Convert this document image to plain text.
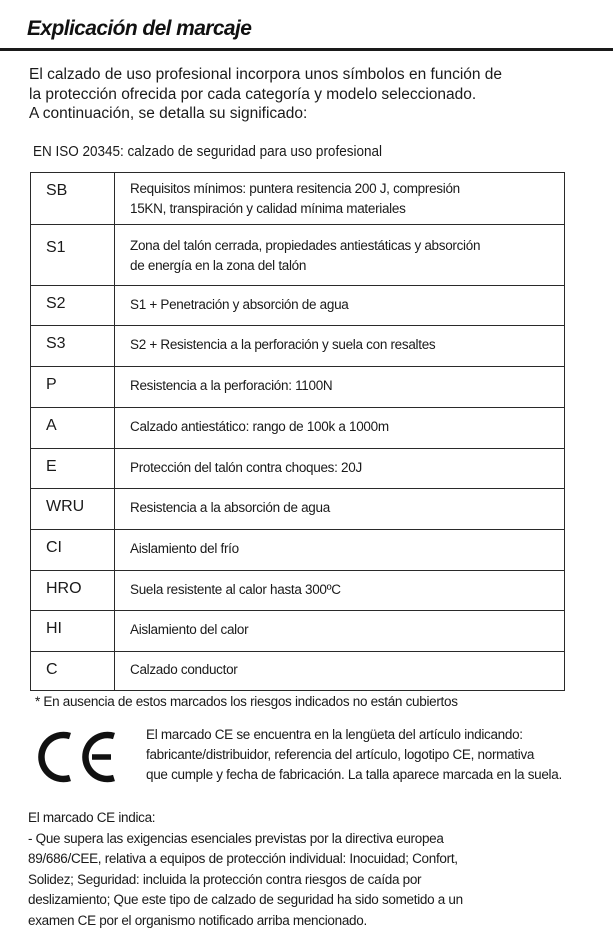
Explicación del marcaje
El calzado de uso profesional incorpora unos símbolos en función de
la protección ofrecida por cada categoría y modelo seleccionado.
A continuación, se detalla su significado:
EN ISO 20345: calzado de seguridad para uso profesional
SB	Requisitos mínimos: puntera resitencia 200 J, compresión
15KN, transpiración y calidad mínima materiales

S1	Zona del talón cerrada, propiedades antiestáticas y absorción
de energía en la zona del talón

S2	S1 + Penetración y absorción de agua

S3	S2 + Resistencia a la perforación y suela con resaltes

P	Resistencia a la perforación: 1100N

A	Calzado antiestático: rango de 100k a 1000m

E	Protección del talón contra choques: 20J

WRU	Resistencia a la absorción de agua

CI	Aislamiento del frío

HRO	Suela resistente al calor hasta 300ºC

HI	Aislamiento del calor

C	Calzado conductor
* En ausencia de estos marcados los riesgos indicados no están cubiertos
El marcado CE se encuentra en la lengüeta del artículo indicando:
fabricante/distribuidor, referencia del artículo, logotipo CE, normativa
que cumple y fecha de fabricación. La talla aparece marcada en la suela.
El marcado CE indica:
- Que supera las exigencias esenciales previstas por la directiva europea
89/686/CEE, relativa a equipos de protección individual: Inocuidad; Confort,
Solidez; Seguridad: incluida la protección contra riesgos de caída por
deslizamiento; Que este tipo de calzado de seguridad ha sido sometido a un
examen CE por el organismo notificado arriba mencionado.
